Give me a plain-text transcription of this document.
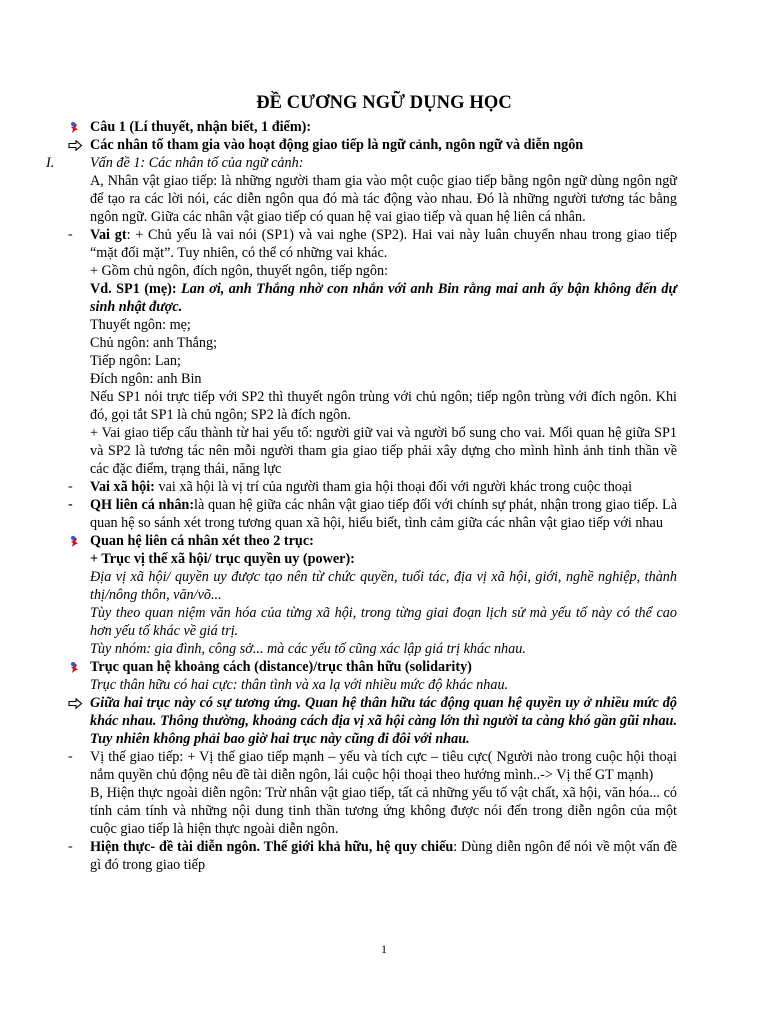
ĐỀ CƯƠNG NGỮ DỤNG HỌC
Câu 1 (Lí thuyết, nhận biết, 1 điểm):
Các nhân tố tham gia vào hoạt động giao tiếp là ngữ cảnh, ngôn ngữ và diễn ngôn
I.	Vấn đề 1: Các nhân tố của ngữ cảnh:
A, Nhân vật giao tiếp: là những người tham gia vào một cuộc giao tiếp bằng ngôn ngữ dùng ngôn ngữ để tạo ra các lời nói, các diễn ngôn qua đó mà tác động vào nhau. Đó là những người tương tác bằng ngôn ngữ. Giữa các nhân vật giao tiếp có quan hệ vai giao tiếp và quan hệ liên cá nhân.
-	Vai gt: + Chủ yếu là vai nói (SP1) và vai nghe (SP2). Hai vai này luân chuyển nhau trong giao tiếp “mặt đối mặt”. Tuy nhiên, có thể có những vai khác.
+ Gồm chủ ngôn, đích ngôn, thuyết ngôn, tiếp ngôn:
Vd. SP1 (mẹ): Lan ơi, anh Thắng nhờ con nhắn với anh Bin rằng mai anh ấy bận không đến dự sinh nhật được.
Thuyết ngôn: mẹ;
Chủ ngôn: anh Thắng;
Tiếp ngôn: Lan;
Đích ngôn: anh Bin
Nếu SP1 nói trực tiếp với SP2 thì thuyết ngôn trùng với chủ ngôn; tiếp ngôn trùng với đích ngôn. Khi đó, gọi tắt SP1 là chủ ngôn; SP2 là đích ngôn.
+ Vai giao tiếp cấu thành từ hai yếu tố: người giữ vai và người bổ sung cho vai. Mối quan hệ giữa SP1 và SP2 là tương tác nên mỗi người tham gia giao tiếp phải xây dựng cho mình hình ảnh tinh thần về các đặc điểm, trạng thái, năng lực
-	Vai xã hội: vai xã hội là vị trí của người tham gia hội thoại đối với người khác trong cuộc thoại
-	QH liên cá nhân:là quan hệ giữa các nhân vật giao tiếp đối với chính sự phát, nhận trong giao tiếp. Là quan hệ so sánh xét trong tương quan xã hội, hiểu biết, tình cảm giữa các nhân vật giao tiếp với nhau
Quan hệ liên cá nhân xét theo 2 trục:
+ Trục vị thế xã hội/ trục quyền uy (power):
Địa vị xã hội/ quyền uy được tạo nên từ chức quyền, tuổi tác, địa vị xã hội, giới, nghề nghiệp, thành thị/nông thôn, văn/võ...
Tùy theo quan niệm văn hóa của từng xã hội, trong từng giai đoạn lịch sử mà yếu tố này có thể cao hơn yếu tố khác về giá trị.
Tùy nhóm: gia đình, công sở... mà các yếu tố cũng xác lập giá trị khác nhau.
Trục quan hệ khoảng cách (distance)/trục thân hữu (solidarity)
Trục thân hữu có hai cực: thân tình và xa lạ với nhiều mức độ khác nhau.
Giữa hai trục này có sự tương ứng. Quan hệ thân hữu tác động quan hệ quyền uy ở nhiều mức độ khác nhau. Thông thường, khoảng cách địa vị xã hội càng lớn thì người ta càng khó gần gũi nhau. Tuy nhiên không phải bao giờ hai trục này cũng đi đôi với nhau.
-	Vị thế giao tiếp: + Vị thế giao tiếp mạnh – yếu và tích cực – tiêu cực( Người nào trong cuộc hội thoại nắm quyền chủ động nêu đề tài diễn ngôn, lái cuộc hội thoại theo hướng mình..-> Vị thế GT mạnh)
B, Hiện thực ngoài diễn ngôn: Trừ nhân vật giao tiếp, tất cả những yếu tố vật chất, xã hội, văn hóa... có tính cảm tính và những nội dung tinh thần tương ứng không được nói đến trong diễn ngôn của một cuộc giao tiếp là hiện thực ngoài diễn ngôn.
-	Hiện thực- đề tài diễn ngôn. Thế giới khả hữu, hệ quy chiếu: Dùng diễn ngôn để nói về một vấn đề gì đó trong giao tiếp
1
